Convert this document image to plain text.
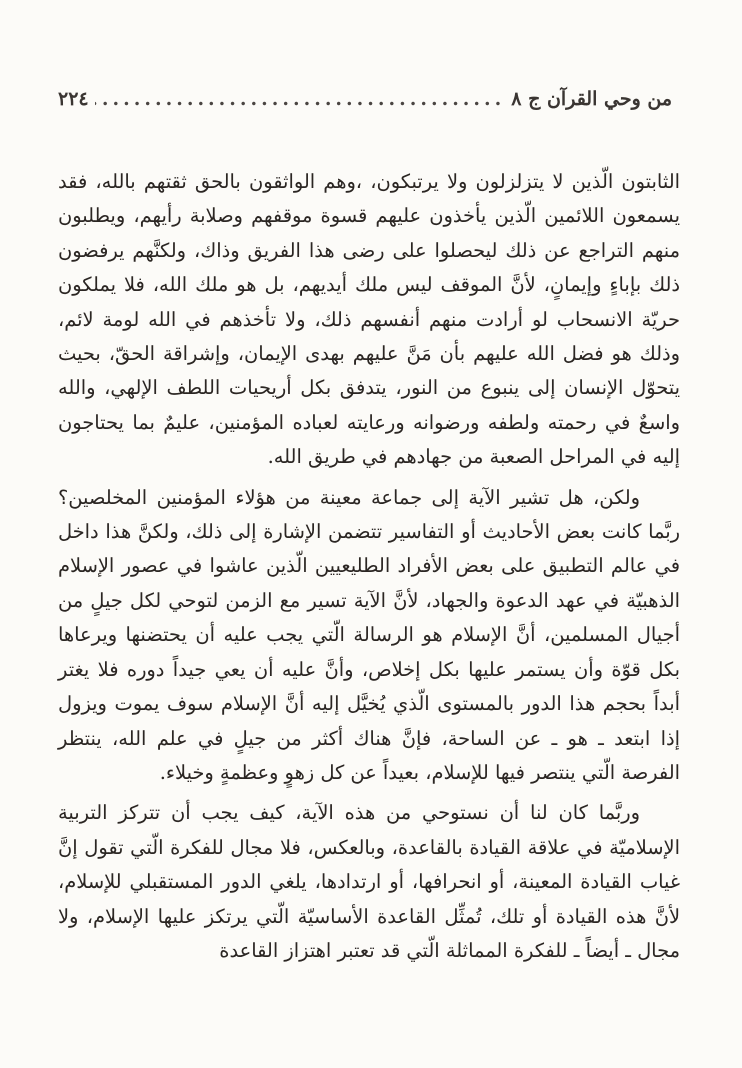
من وحي القرآن ج ٨
.....
٢٢٤

الثابتون الّذين لا يتزلزلون ولا يرتبكون، ،وهم الواثقون بالحق ثقتهم بالله، فقد يسمعون اللائمين الّذين يأخذون عليهم قسوة موقفهم وصلابة رأيهم، ويطلبون منهم التراجع عن ذلك ليحصلوا على رضى هذا الفريق وذاك، ولكنَّهم يرفضون ذلك بإباءٍ وإيمانٍ، لأنَّ الموقف ليس ملك أيديهم، بل هو ملك الله، فلا يملكون حريّة الانسحاب لو أرادت منهم أنفسهم ذلك، ولا تأخذهم في الله لومة لائم، وذلك هو فضل الله عليهم بأن مَنَّ عليهم بهدى الإيمان، وإشراقة الحقّ، بحيث يتحوّل الإنسان إلى ينبوع من النور، يتدفق بكل أريحيات اللطف الإلهي، والله واسعٌ في رحمته ولطفه ورضوانه ورعايته لعباده المؤمنين، عليمٌ بما يحتاجون إليه في المراحل الصعبة من جهادهم في طريق الله.

ولكن، هل تشير الآية إلى جماعة معينة من هؤلاء المؤمنين المخلصين؟ ربَّما كانت بعض الأحاديث أو التفاسير تتضمن الإشارة إلى ذلك، ولكنَّ هذا داخل في عالم التطبيق على بعض الأفراد الطليعيين الّذين عاشوا في عصور الإسلام الذهبيّة في عهد الدعوة والجهاد، لأنَّ الآية تسير مع الزمن لتوحي لكل جيلٍ من أجيال المسلمين، أنَّ الإسلام هو الرسالة الّتي يجب عليه أن يحتضنها ويرعاها بكل قوّة وأن يستمر عليها بكل إخلاص، وأنَّ عليه أن يعي جيداً دوره فلا يغتر أبداً بحجم هذا الدور بالمستوى الّذي يُخيَّل إليه أنَّ الإسلام سوف يموت ويزول إذا ابتعد ـ هو ـ عن الساحة، فإنَّ هناك أكثر من جيلٍ في علم الله، ينتظر الفرصة الّتي ينتصر فيها للإسلام، بعيداً عن كل زهوٍ وعظمةٍ وخيلاء.

وربَّما كان لنا أن نستوحي من هذه الآية، كيف يجب أن تتركز التربية الإسلاميّة في علاقة القيادة بالقاعدة، وبالعكس، فلا مجال للفكرة الّتي تقول إنَّ غياب القيادة المعينة، أو انحرافها، أو ارتدادها، يلغي الدور المستقبلي للإسلام، لأنَّ هذه القيادة أو تلك، تُمثِّل القاعدة الأساسيّة الّتي يرتكز عليها الإسلام، ولا مجال ـ أيضاً ـ للفكرة المماثلة الّتي قد تعتبر اهتزاز القاعدة
